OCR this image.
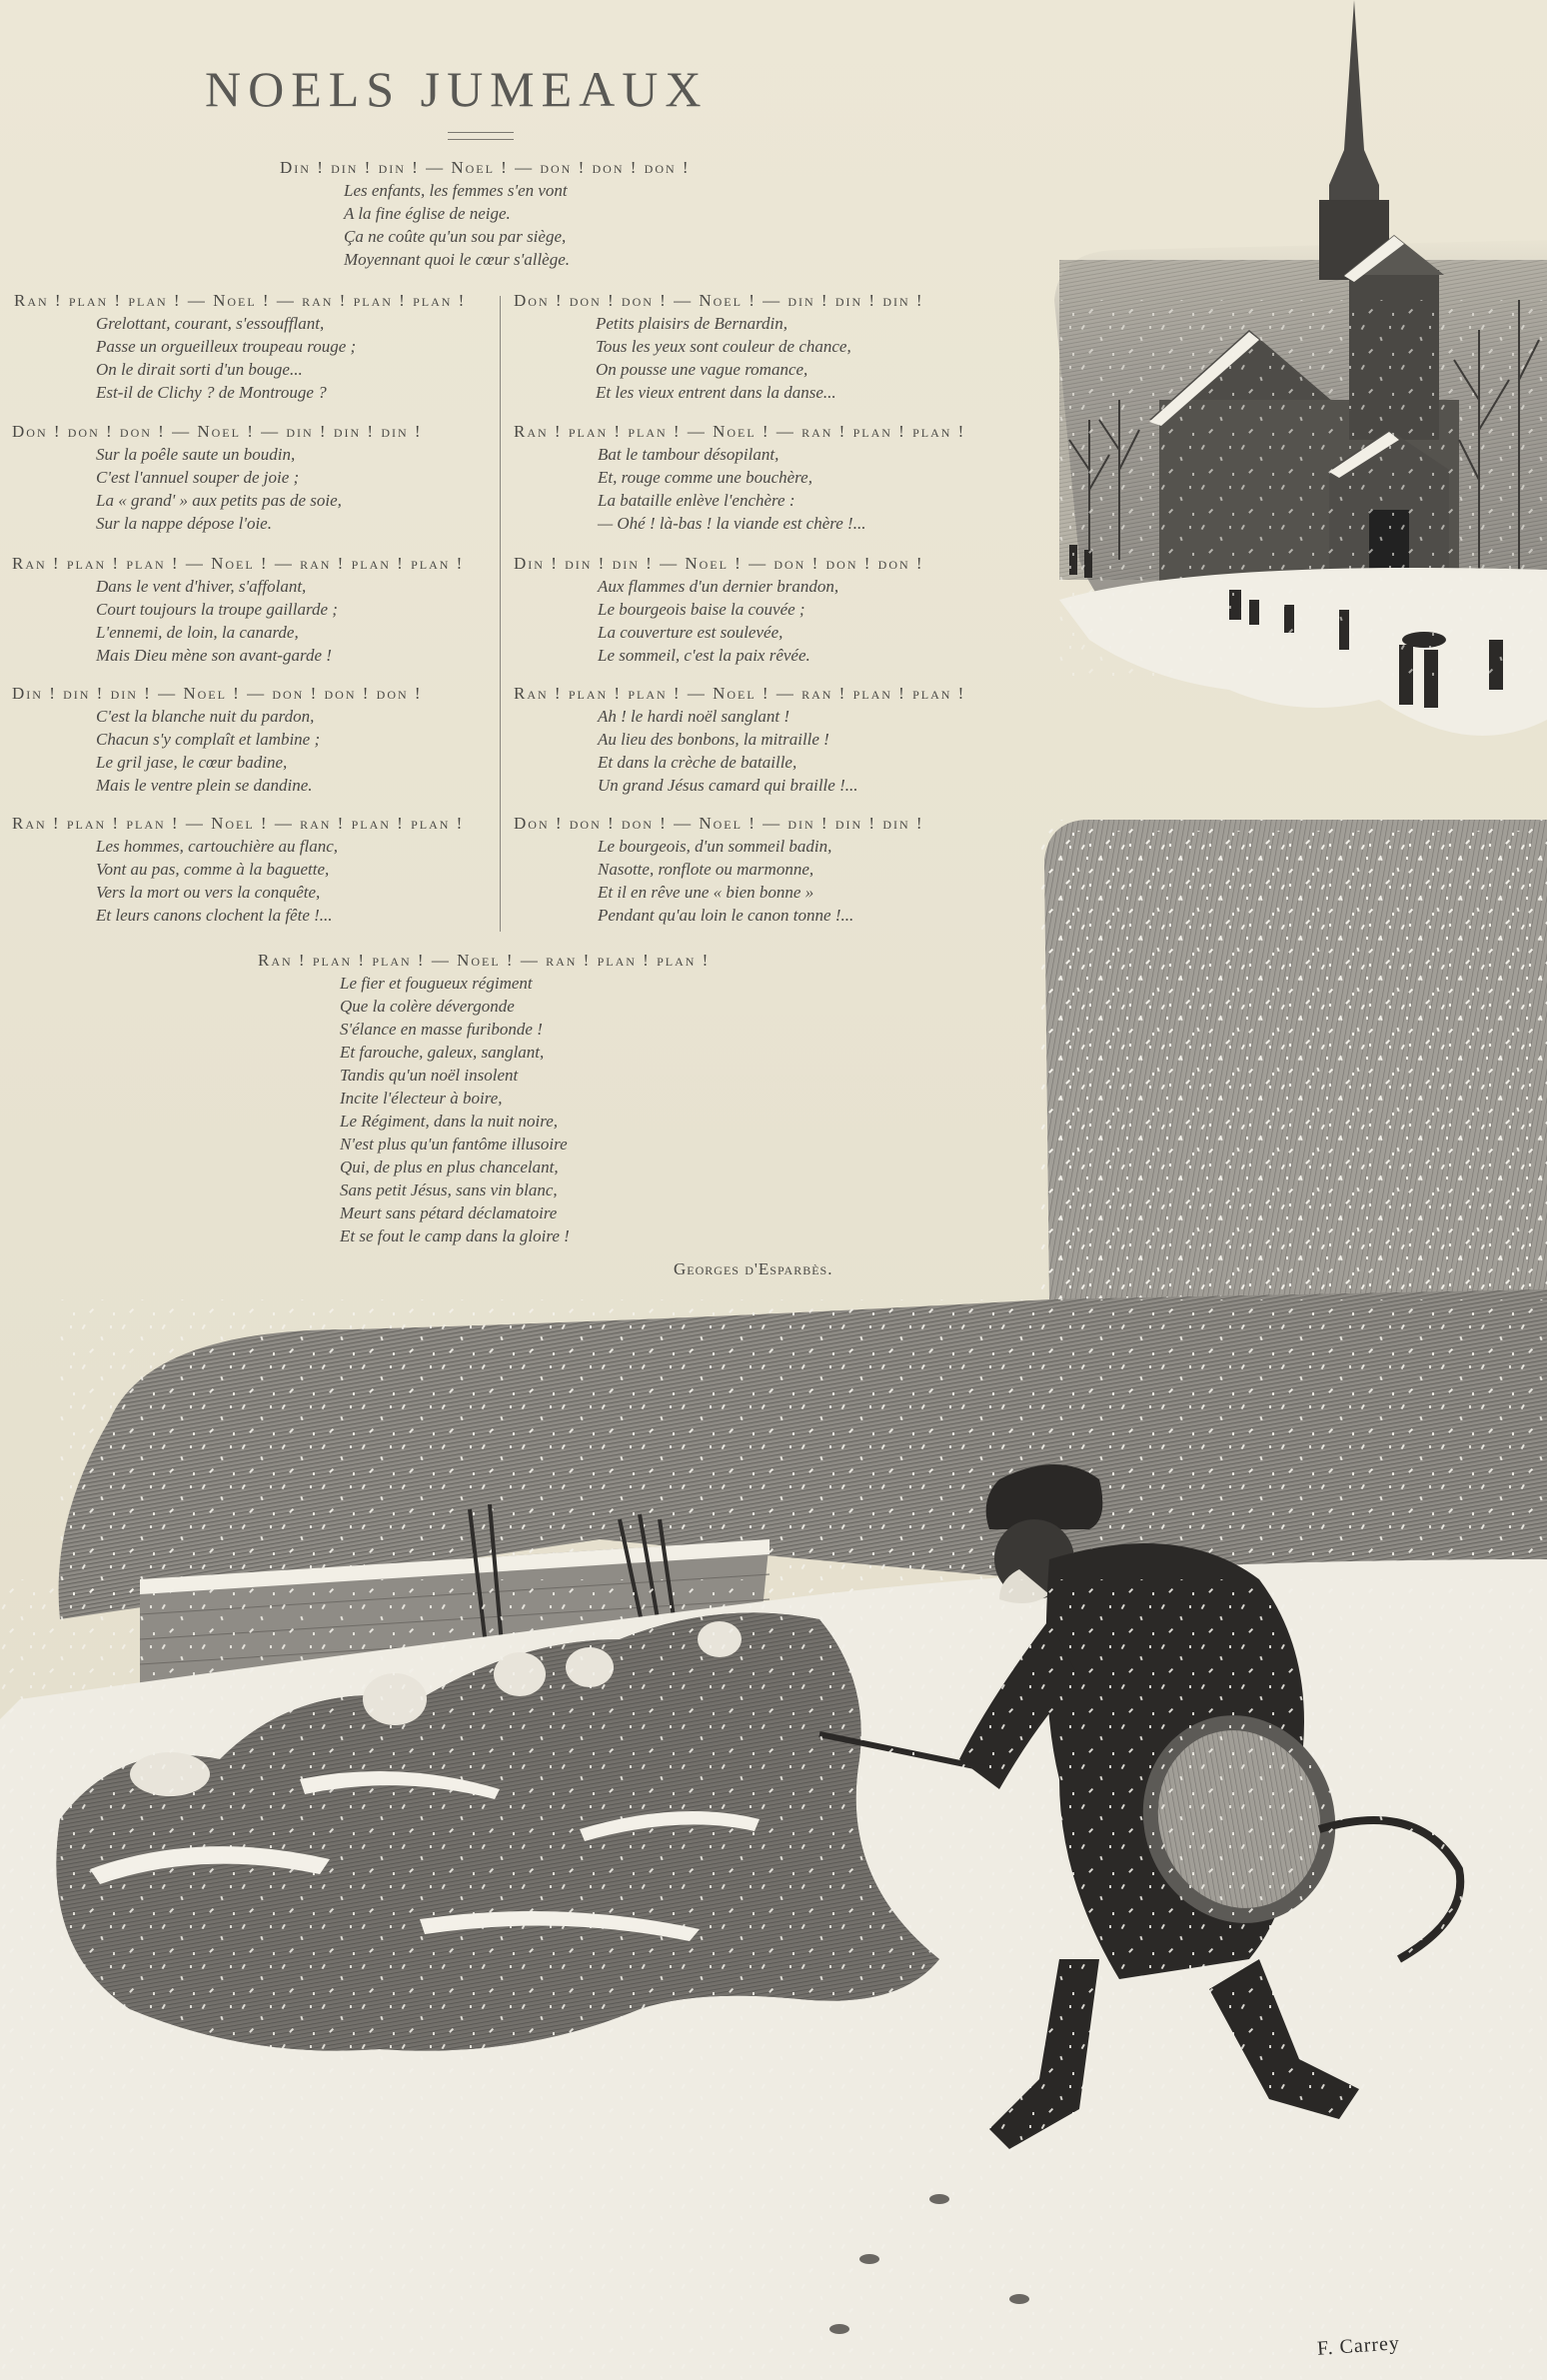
NOELS JUMEAUX
Din ! din ! din ! — Noel ! — don ! don ! don !
Les enfants, les femmes s'en vont
A la fine église de neige.
Ça ne coûte qu'un sou par siège,
Moyennant quoi le cœur s'allège.
Ran ! plan ! plan ! — Noel ! — ran ! plan ! plan !
Grelottant, courant, s'essoufflant,
Passe un orgueilleux troupeau rouge ;
On le dirait sorti d'un bouge...
Est-il de Clichy ? de Montrouge ?
Don ! don ! don ! — Noel ! — din ! din ! din !
Sur la poêle saute un boudin,
C'est l'annuel souper de joie ;
La « grand' » aux petits pas de soie,
Sur la nappe dépose l'oie.
Ran ! plan ! plan ! — Noel ! — ran ! plan ! plan !
Dans le vent d'hiver, s'affolant,
Court toujours la troupe gaillarde ;
L'ennemi, de loin, la canarde,
Mais Dieu mène son avant-garde !
Din ! din ! din ! — Noel ! — don ! don ! don !
C'est la blanche nuit du pardon,
Chacun s'y complaît et lambine ;
Le gril jase, le cœur badine,
Mais le ventre plein se dandine.
Ran ! plan ! plan ! — Noel ! — ran ! plan ! plan !
Les hommes, cartouchière au flanc,
Vont au pas, comme à la baguette,
Vers la mort ou vers la conquête,
Et leurs canons clochent la fête !...
Don ! don ! don ! — Noel ! — din ! din ! din !
Petits plaisirs de Bernardin,
Tous les yeux sont couleur de chance,
On pousse une vague romance,
Et les vieux entrent dans la danse...
Ran ! plan ! plan ! — Noel ! — ran ! plan ! plan !
Bat le tambour désopilant,
Et, rouge comme une bouchère,
La bataille enlève l'enchère :
— Ohé ! là-bas ! la viande est chère !...
Din ! din ! din ! — Noel ! — don ! don ! don !
Aux flammes d'un dernier brandon,
Le bourgeois baise la couvée ;
La couverture est soulevée,
Le sommeil, c'est la paix rêvée.
Ran ! plan ! plan ! — Noel ! — ran ! plan ! plan !
Ah ! le hardi noël sanglant !
Au lieu des bonbons, la mitraille !
Et dans la crèche de bataille,
Un grand Jésus camard qui braille !...
Don ! don ! don ! — Noel ! — din ! din ! din !
Le bourgeois, d'un sommeil badin,
Nasotte, ronflote ou marmonne,
Et il en rêve une « bien bonne »
Pendant qu'au loin le canon tonne !...
Ran ! plan ! plan ! — Noel ! — ran ! plan ! plan !
Le fier et fougueux régiment
Que la colère dévergonde
S'élance en masse furibonde !
Et farouche, galeux, sanglant,
Tandis qu'un noël insolent
Incite l'électeur à boire,
Le Régiment, dans la nuit noire,
N'est plus qu'un fantôme illusoire
Qui, de plus en plus chancelant,
Sans petit Jésus, sans vin blanc,
Meurt sans pétard déclamatoire
Et se fout le camp dans la gloire !
Georges d'Esparbès.
F. Carrey
